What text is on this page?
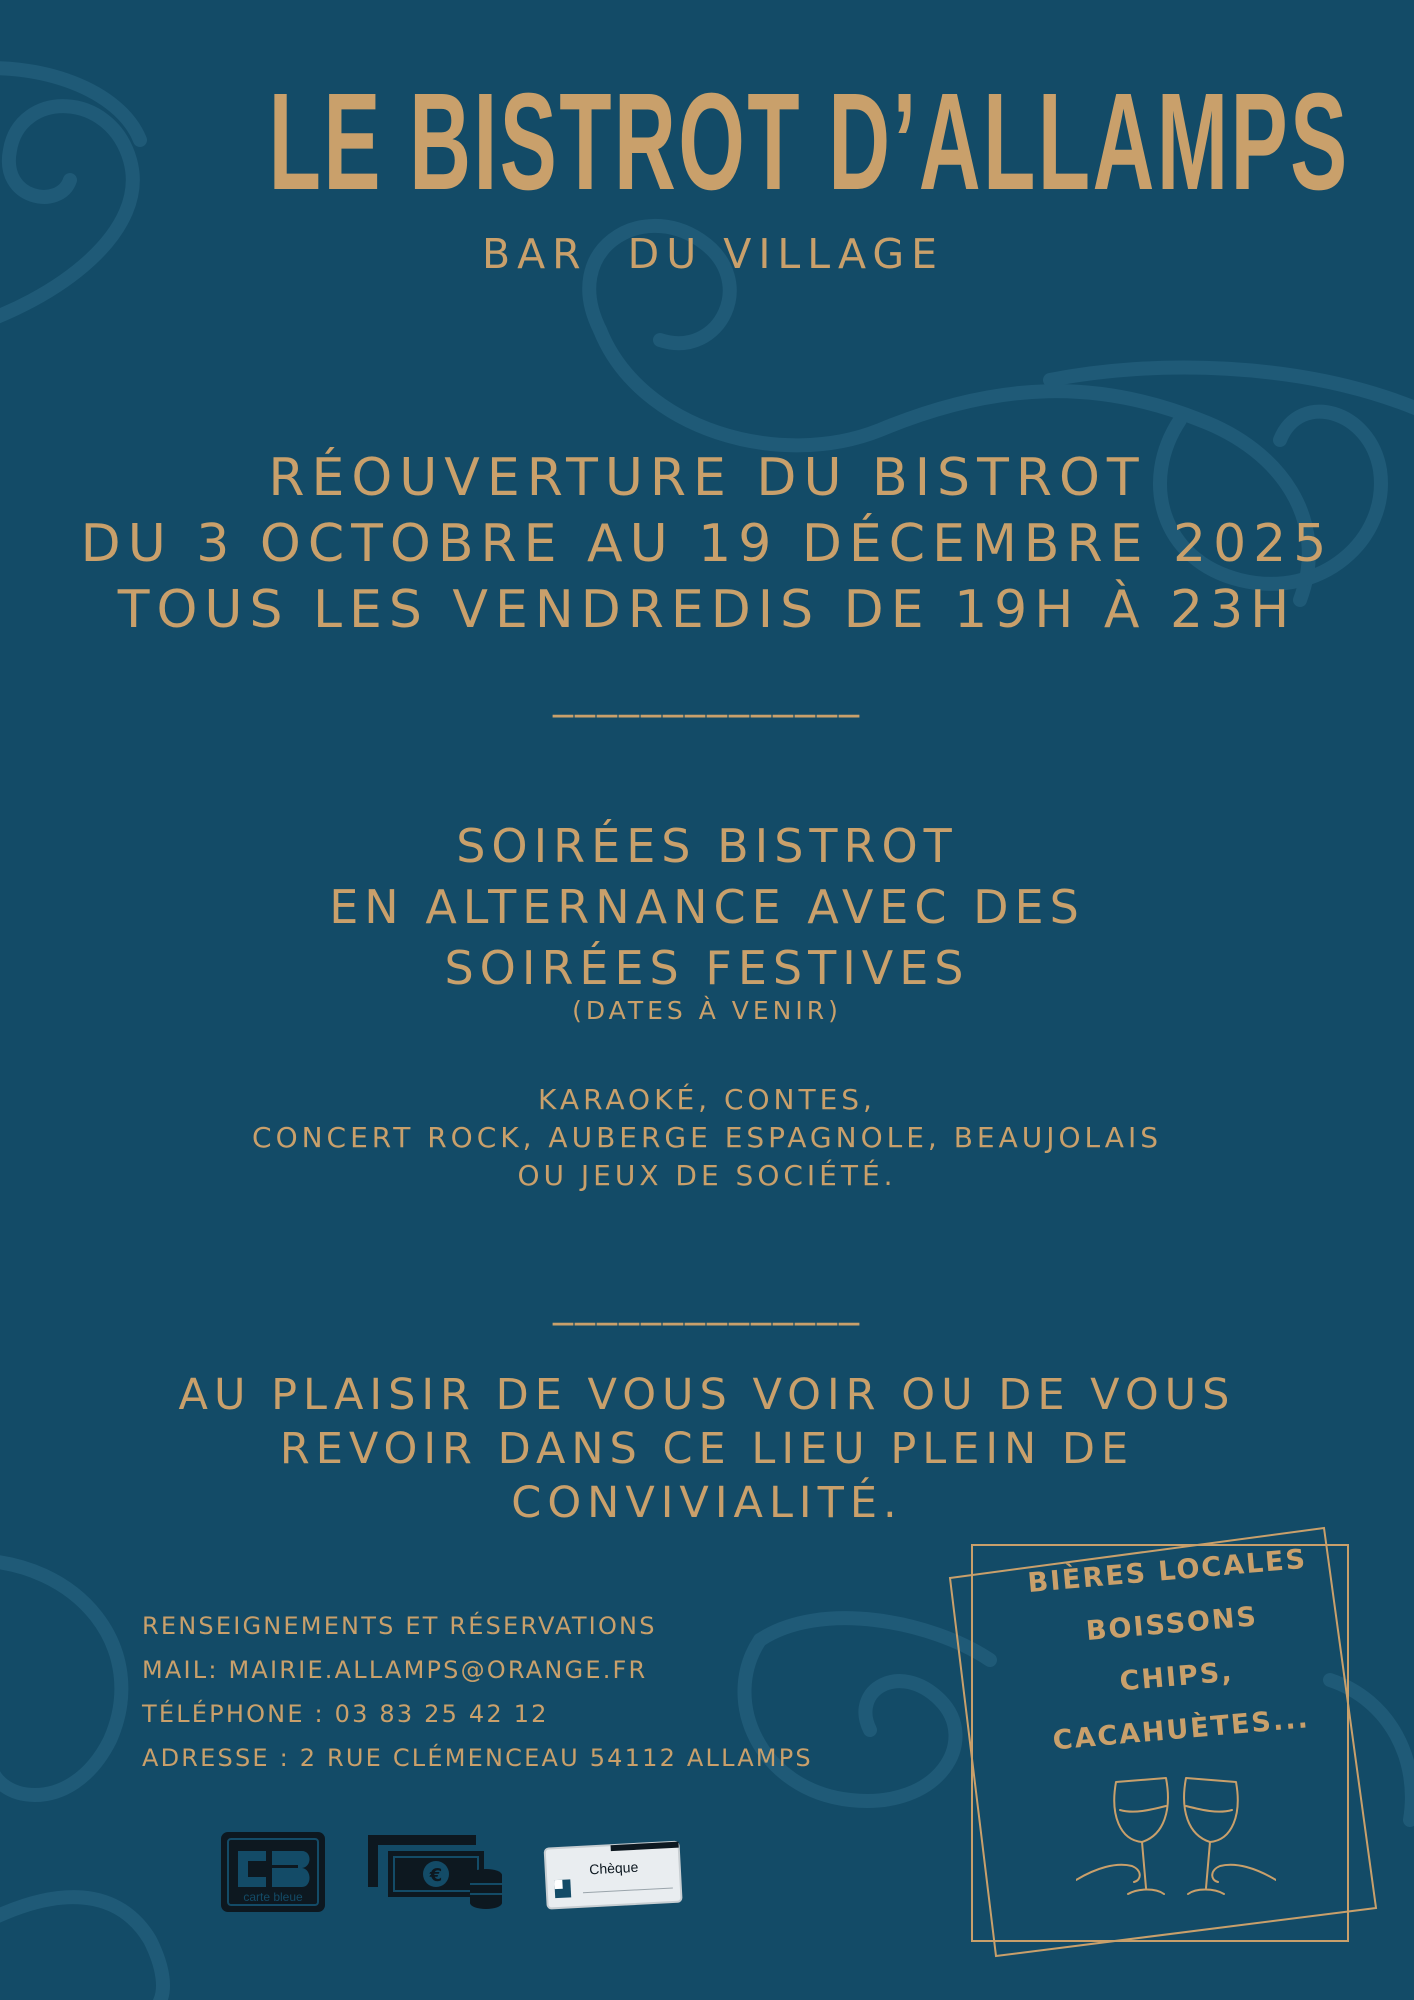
LE BISTROT D’ALLAMPS
BAR  DU VILLAGE
RÉOUVERTURE DU BISTROT
DU 3 OCTOBRE AU 19 DÉCEMBRE 2025
TOUS LES VENDREDIS DE 19H À 23H
______________
SOIRÉES BISTROT
EN ALTERNANCE AVEC DES
SOIRÉES FESTIVES
(DATES À VENIR)
KARAOKÉ, CONTES,
CONCERT ROCK, AUBERGE ESPAGNOLE, BEAUJOLAIS
OU JEUX DE SOCIÉTÉ.
______________
AU PLAISIR DE VOUS VOIR OU DE VOUS
REVOIR DANS CE LIEU PLEIN DE
CONVIVIALITÉ.
RENSEIGNEMENTS ET RÉSERVATIONS
MAIL: MAIRIE.ALLAMPS@ORANGE.FR
TÉLÉPHONE : 03 83 25 42 12
ADRESSE : 2 RUE CLÉMENCEAU 54112 ALLAMPS
BIÈRES LOCALES
BOISSONS
CHIPS,
CACAHUÈTES...
carte bleue
€	Chèque
